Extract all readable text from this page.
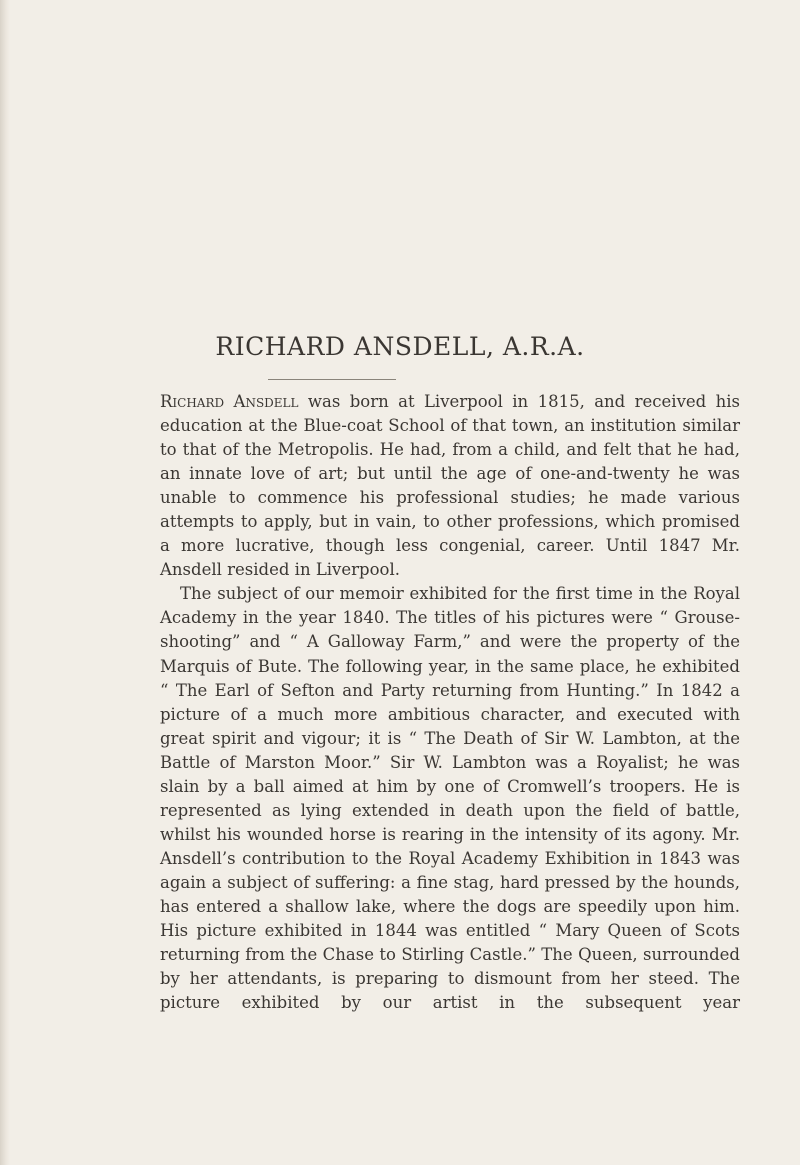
RICHARD ANSDELL, A.R.A.

Richard Ansdell was born at Liverpool in 1815, and received his education at the Blue-coat School of that town, an institution similar to that of the Metropolis. He had, from a child, and felt that he had, an innate love of art; but until the age of one-and-twenty he was unable to commence his professional studies; he made various attempts to apply, but in vain, to other professions, which promised a more lucrative, though less congenial, career. Until 1847 Mr. Ansdell resided in Liverpool.

The subject of our memoir exhibited for the first time in the Royal Academy in the year 1840. The titles of his pictures were “ Grouse-shooting” and “ A Galloway Farm,” and were the property of the Marquis of Bute. The following year, in the same place, he exhibited “ The Earl of Sefton and Party returning from Hunting.” In 1842 a picture of a much more ambitious character, and executed with great spirit and vigour; it is “ The Death of Sir W. Lambton, at the Battle of Marston Moor.” Sir W. Lambton was a Royalist; he was slain by a ball aimed at him by one of Cromwell’s troopers. He is represented as lying extended in death upon the field of battle, whilst his wounded horse is rearing in the intensity of its agony. Mr. Ansdell’s contribution to the Royal Academy Exhibition in 1843 was again a subject of suffering: a fine stag, hard pressed by the hounds, has entered a shallow lake, where the dogs are speedily upon him. His picture exhibited in 1844 was entitled “ Mary Queen of Scots returning from the Chase to Stirling Castle.” The Queen, surrounded by her attendants, is preparing to dismount from her steed. The picture exhibited by our artist in the subsequent year
